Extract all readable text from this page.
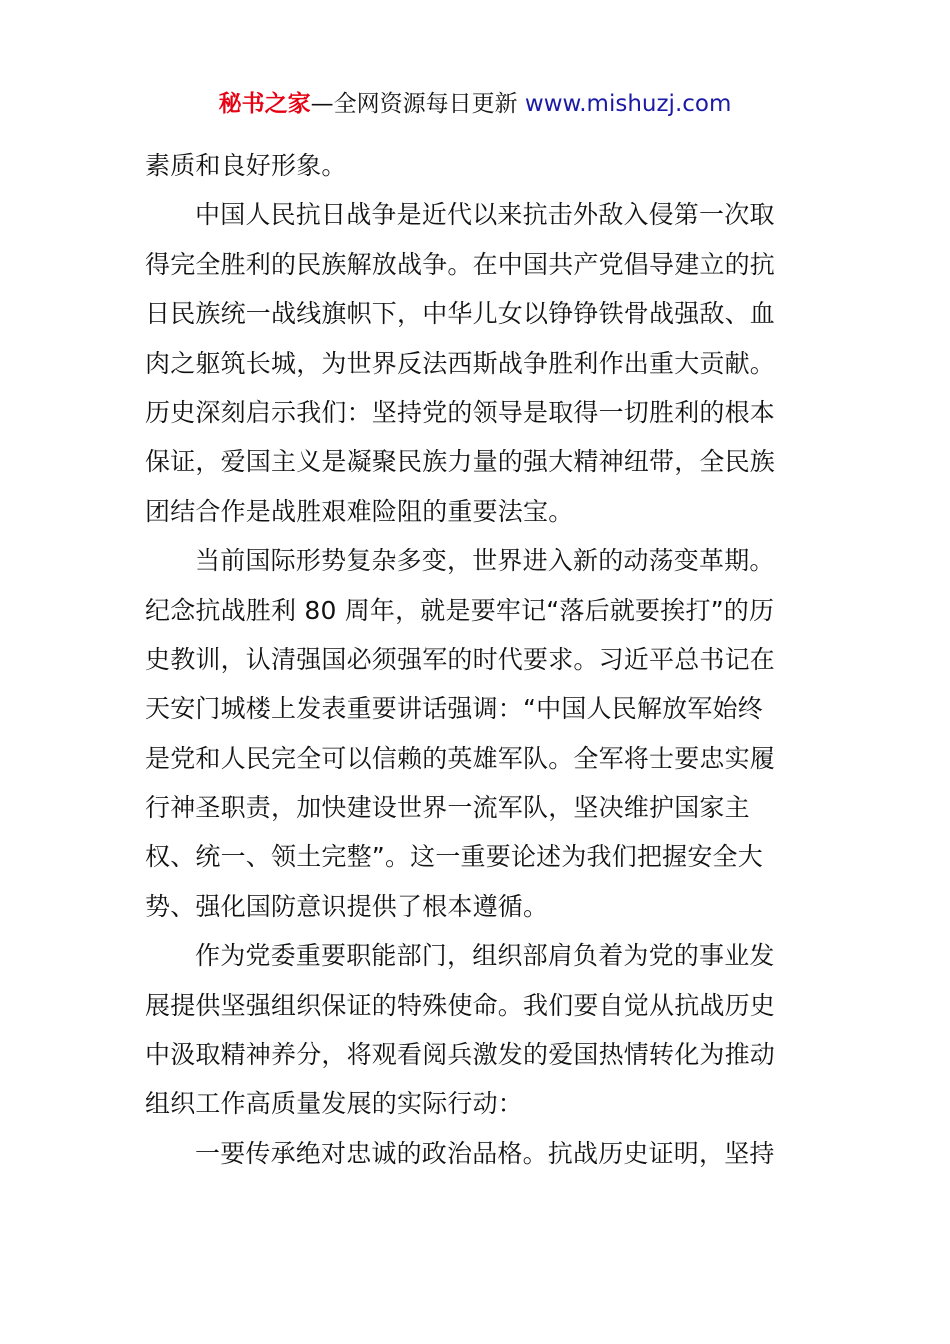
秘书之家—全网资源每日更新 www.mishuzj.com
素质和良好形象。
中国人民抗日战争是近代以来抗击外敌入侵第一次取
得完全胜利的民族解放战争。在中国共产党倡导建立的抗
日民族统一战线旗帜下，中华儿女以铮铮铁骨战强敌、血
肉之躯筑长城，为世界反法西斯战争胜利作出重大贡献。
历史深刻启示我们：坚持党的领导是取得一切胜利的根本
保证，爱国主义是凝聚民族力量的强大精神纽带，全民族
团结合作是战胜艰难险阻的重要法宝。
当前国际形势复杂多变，世界进入新的动荡变革期。
纪念抗战胜利 80 周年，就是要牢记“落后就要挨打”的历
史教训，认清强国必须强军的时代要求。习近平总书记在
天安门城楼上发表重要讲话强调：“中国人民解放军始终
是党和人民完全可以信赖的英雄军队。全军将士要忠实履
行神圣职责，加快建设世界一流军队，坚决维护国家主
权、统一、领土完整”。这一重要论述为我们把握安全大
势、强化国防意识提供了根本遵循。
作为党委重要职能部门，组织部肩负着为党的事业发
展提供坚强组织保证的特殊使命。我们要自觉从抗战历史
中汲取精神养分，将观看阅兵激发的爱国热情转化为推动
组织工作高质量发展的实际行动：
一要传承绝对忠诚的政治品格。抗战历史证明，坚持
